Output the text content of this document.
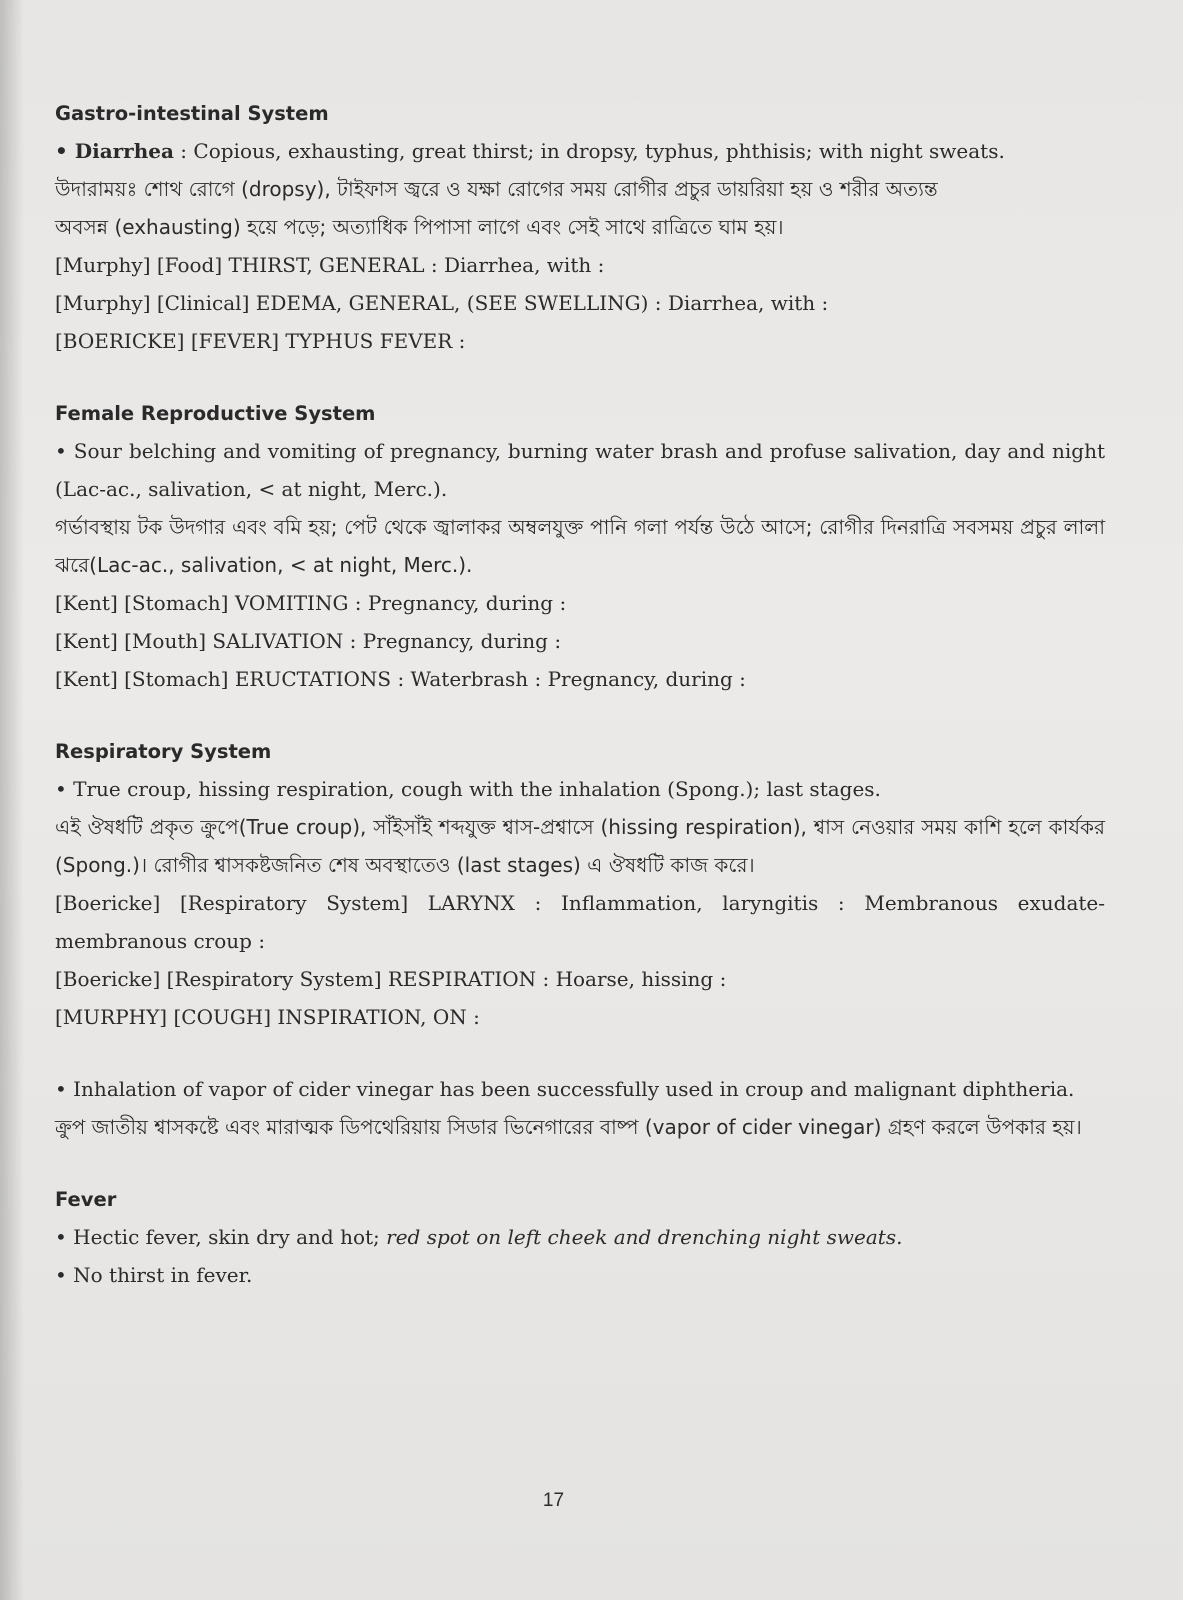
Gastro-intestinal System

• Diarrhea : Copious, exhausting, great thirst; in dropsy, typhus, phthisis; with night sweats.

উদারাময়ঃ শোথ রোগে (dropsy), টাইফাস জ্বরে ও যক্ষা রোগের সময় রোগীর প্রচুর ডায়রিয়া হয় ও শরীর অত্যন্ত

অবসন্ন (exhausting) হয়ে পড়ে; অত্যাধিক পিপাসা লাগে এবং সেই সাথে রাত্রিতে ঘাম হয়।

[Murphy] [Food] THIRST, GENERAL : Diarrhea, with :

[Murphy] [Clinical] EDEMA, GENERAL, (SEE SWELLING) : Diarrhea, with :

[BOERICKE] [FEVER] TYPHUS FEVER :

Female Reproductive System

• Sour belching and vomiting of pregnancy, burning water brash and profuse salivation, day and night (Lac-ac., salivation, < at night, Merc.).

গর্ভাবস্থায় টক উদগার এবং বমি হয়; পেট থেকে জ্বালাকর অম্বলযুক্ত পানি গলা পর্যন্ত উঠে আসে; রোগীর দিনরাত্রি সবসময় প্রচুর লালা ঝরে(Lac-ac., salivation, < at night, Merc.).

[Kent] [Stomach] VOMITING : Pregnancy, during :

[Kent] [Mouth] SALIVATION : Pregnancy, during :

[Kent] [Stomach] ERUCTATIONS : Waterbrash : Pregnancy, during :

Respiratory System

• True croup, hissing respiration, cough with the inhalation (Spong.); last stages.

এই ঔষধটি প্রকৃত ক্রুপে(True croup), সাঁইসাঁই শব্দযুক্ত শ্বাস-প্রশ্বাসে (hissing respiration), শ্বাস নেওয়ার সময় কাশি হলে কার্যকর (Spong.)। রোগীর শ্বাসকষ্টজনিত শেষ অবস্থাতেও (last stages) এ ঔষধটি কাজ করে।

[Boericke] [Respiratory System] LARYNX : Inflammation, laryngitis : Membranous exudate-membranous croup :

[Boericke] [Respiratory System] RESPIRATION : Hoarse, hissing :

[MURPHY] [COUGH] INSPIRATION, ON :

• Inhalation of vapor of cider vinegar has been successfully used in croup and malignant diphtheria.

ক্রুপ জাতীয় শ্বাসকষ্টে এবং মারাত্মক ডিপথেরিয়ায় সিডার ভিনেগারের বাষ্প (vapor of cider vinegar) গ্রহণ করলে উপকার হয়।

Fever

• Hectic fever, skin dry and hot; red spot on left cheek and drenching night sweats.

• No thirst in fever.

17
